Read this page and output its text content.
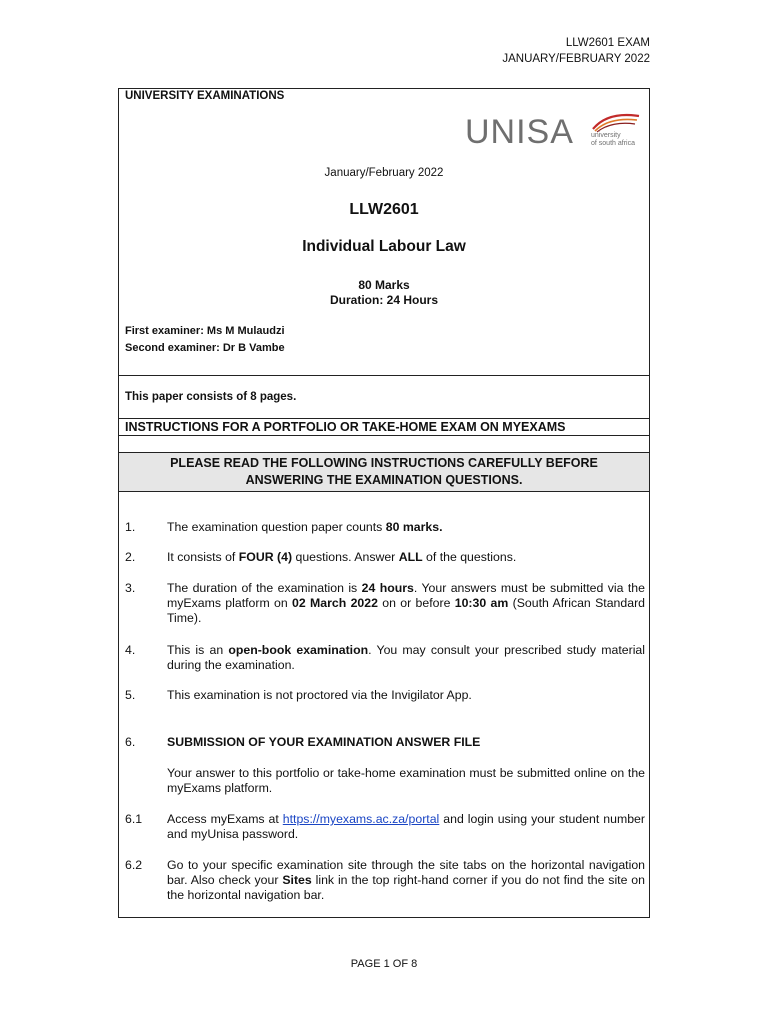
LLW2601 EXAM
JANUARY/FEBRUARY 2022
UNIVERSITY EXAMINATIONS
UNISA university
of south africa
January/February 2022
LLW2601
Individual Labour Law
80 Marks
Duration: 24 Hours
First examiner: Ms M Mulaudzi
Second examiner: Dr B Vambe
This paper consists of 8 pages.
INSTRUCTIONS FOR A PORTFOLIO OR TAKE-HOME EXAM ON MYEXAMS
PLEASE READ THE FOLLOWING INSTRUCTIONS CAREFULLY BEFORE
ANSWERING THE EXAMINATION QUESTIONS.
1.	The examination question paper counts 80 marks.
2.	It consists of FOUR (4) questions. Answer ALL of the questions.
3.	The duration of the examination is 24 hours. Your answers must be submitted via the myExams platform on 02 March 2022 on or before 10:30 am (South African Standard Time).
4.	This is an open-book examination. You may consult your prescribed study material during the examination.
5.	This examination is not proctored via the Invigilator App.
6.	SUBMISSION OF YOUR EXAMINATION ANSWER FILE
Your answer to this portfolio or take-home examination must be submitted online on the myExams platform.
6.1 Access myExams at https://myexams.ac.za/portal and login using your student number and myUnisa password.
6.2 Go to your specific examination site through the site tabs on the horizontal navigation bar. Also check your Sites link in the top right-hand corner if you do not find the site on the horizontal navigation bar.
PAGE 1 OF 8
